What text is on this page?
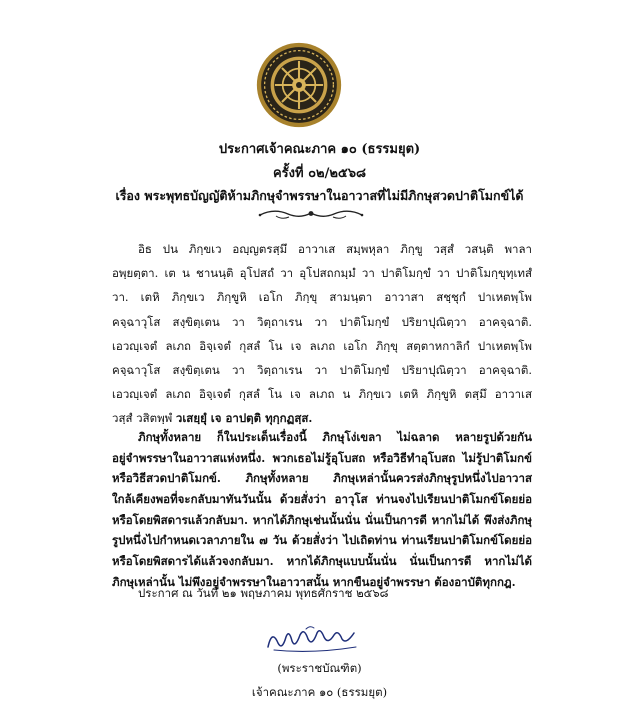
ประกาศเจ้าคณะภาค ๑๐ (ธรรมยุต)
ครั้งที่ ๐๒/๒๕๖๘
เรื่อง พระพุทธบัญญัติห้ามภิกษุจำพรรษาในอาวาสที่ไม่มีภิกษุสวดปาติโมกข์ได้
อิธ ปน ภิกฺขเว อญฺญตรสฺมึ อาวาเส สมฺพหุลา ภิกฺขู วสฺสํ วสนฺติ พาลา
อพฺยตฺตา. เต น ชานนฺติ อุโปสถํ วา อุโปสถกมฺมํ วา ปาติโมกฺขํ วา ปาติโมกฺขุทฺเทสํ
วา. เตหิ ภิกฺขเว ภิกฺขูหิ เอโก ภิกฺขุ สามนฺตา อาวาสา สชฺชุกํ ปาเหตพฺโพ
คจฺฉาวุโส สงฺขิตฺเตน วา วิตฺถาเรน วา ปาติโมกฺขํ ปริยาปุณิตฺวา อาคจฺฉาติ.
เอวญฺเจตํ ลเภถ อิจฺเจตํ กุสลํ โน เจ ลเภถ เอโก ภิกฺขุ สตฺตาหกาลิกํ ปาเหตพฺโพ
คจฺฉาวุโส สงฺขิตฺเตน วา วิตฺถาเรน วา ปาติโมกฺขํ ปริยาปุณิตฺวา อาคจฺฉาติ.
เอวญฺเจตํ ลเภถ อิจฺเจตํ กุสลํ โน เจ ลเภถ น ภิกฺขเว เตหิ ภิกฺขูหิ ตสฺมึ อาวาเส
วสฺสํ วสิตพฺพํ วเสยฺยุํ เจ อาปตฺติ ทุกฺกฏสฺส.
ภิกษุทั้งหลาย ก็ในประเด็นเรื่องนี้ ภิกษุโง่เขลา ไม่ฉลาด หลายรูปด้วยกัน
อยู่จำพรรษาในอาวาสแห่งหนึ่ง. พวกเธอไม่รู้อุโบสถ หรือวิธีทำอุโบสถ ไม่รู้ปาติโมกข์
หรือวิธีสวดปาติโมกข์. ภิกษุทั้งหลาย ภิกษุเหล่านั้นควรส่งภิกษุรูปหนึ่งไปอาวาส
ใกล้เคียงพอที่จะกลับมาทันวันนั้น ด้วยสั่งว่า อาวุโส ท่านจงไปเรียนปาติโมกข์โดยย่อ
หรือโดยพิสดารแล้วกลับมา. หากได้ภิกษุเช่นนั้นนั่น นั่นเป็นการดี หากไม่ได้ พึงส่งภิกษุ
รูปหนึ่งไปกำหนดเวลาภายใน ๗ วัน ด้วยสั่งว่า ไปเถิดท่าน ท่านเรียนปาติโมกข์โดยย่อ
หรือโดยพิสดารได้แล้วจงกลับมา. หากได้ภิกษุแบบนั้นนั่น นั่นเป็นการดี หากไม่ได้
ภิกษุเหล่านั้น ไม่พึงอยู่จำพรรษาในอาวาสนั้น หากขืนอยู่จำพรรษา ต้องอาบัติทุกกฎ.
ประกาศ ณ วันที่ ๒๑ พฤษภาคม พุทธศักราช ๒๕๖๘
(พระราชบัณฑิต)
เจ้าคณะภาค ๑๐ (ธรรมยุต)
